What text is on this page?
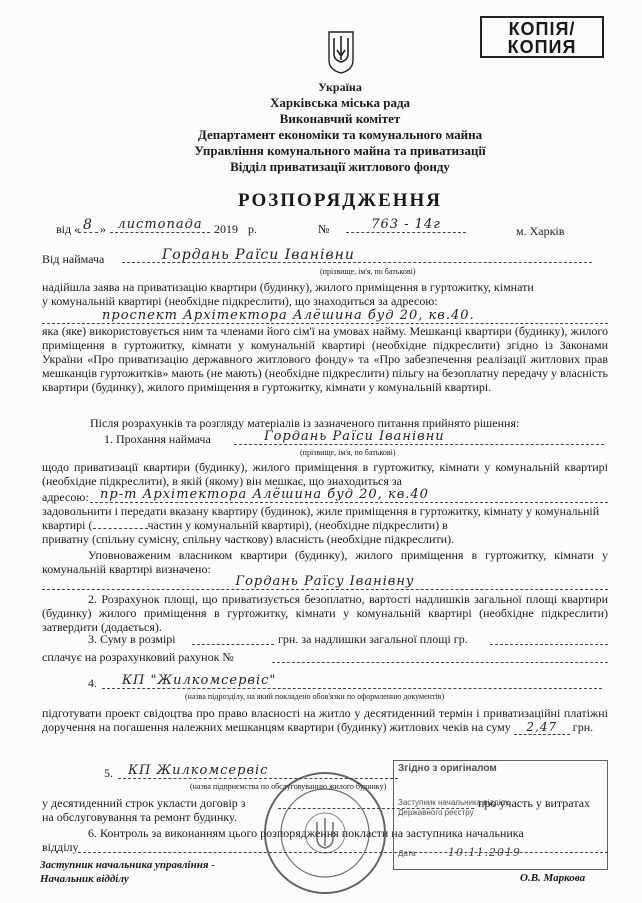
КОПІЯ/
КОПИЯ
Україна
Харківська міська рада
Виконавчий комітет
Департамент економіки та комунального майна
Управління комунального майна та приватизації
Відділ приватизації житлового фонду
РОЗПОРЯДЖЕННЯ
від « 8 » листопада 2019 р.	№	763 - 14г	м. Харків
Від наймача	Гордань Раїси Іванівни
(прізвище, ім'я, по батькові)
надійшла заява на приватизацію квартири (будинку), жилого приміщення в гуртожитку, кімнати
у комунальній квартирі (необхідне підкреслити), що знаходиться за адресою:
проспект Архітектора Алёшина буд 20, кв.40.
яка (яке) використовується ним та членами його сім'ї на умовах найму. Мешканці квартири (будинку), жилого приміщення в гуртожитку, кімнати у комунальній квартирі (необхідне підкреслити) згідно із Законами України «Про приватизацію державного житлового фонду» та «Про забезпечення реалізації житлових прав мешканців гуртожитків» мають (не мають) (необхідне підкреслити) пільгу на безоплатну передачу у власність квартири (будинку), жилого приміщення в гуртожитку, кімнати у комунальній квартирі.
Після розрахунків та розгляду матеріалів із зазначеного питання прийнято рішення:
1. Прохання наймача	Гордань Раїси Іванівни
(прізвище, ім'я, по батькові)
щодо приватизації квартири (будинку), жилого приміщення в гуртожитку, кімнати у комунальній квартирі (необхідне підкреслити), в якій (якому) він мешкає, що знаходиться за
адресою: пр-т Архітектора Алёшина буд 20, кв.40
задовольнити і передати вказану квартиру (будинок), жиле приміщення в гуртожитку, кімнату у комунальній квартирі (	частин у комунальній квартирі), (необхідне підкреслити) в
приватну (спільну сумісну, спільну часткову) власність (необхідне підкреслити).
Уповноваженим власником квартири (будинку), жилого приміщення в гуртожитку, кімнати у комунальній квартирі визначено:
Гордань Раїсу Іванівну
2. Розрахунок площі, що приватизується безоплатно, вартості надлишків загальної площі квартири (будинку) жилого приміщення в гуртожитку, кімнати у комунальній квартирі (необхідне підкреслити) затвердити (додається).
3. Суму в розмірі	грн. за надлишки загальної площі гр.
сплачує на розрахунковий рахунок №
4.	КП "Жилкомсервіс"
(назва підрозділу, на який покладено обов'язки по оформленню документів)
підготувати проект свідоцтва про право власності на житло у десятиденний термін і приватизаційні платіжні доручення на погашення належних мешканцям квартири (будинку) житлових чеків на суму 2,47 грн.
5.	КП Жилкомсервіс
(назва підприємства по обслуговуванню жилого будинку)
у десятиденний строк укласти договір з	про участь у витратах
на обслуговування та ремонт будинку.
6. Контроль за виконанням цього розпорядження покласти на заступника начальника
відділу
Заступник начальника управління -
Начальник відділу	О.В. Маркова
Згідно з оригіналом
Заступник начальника відділу
Державного реєстру
Дата	10.11.2019
